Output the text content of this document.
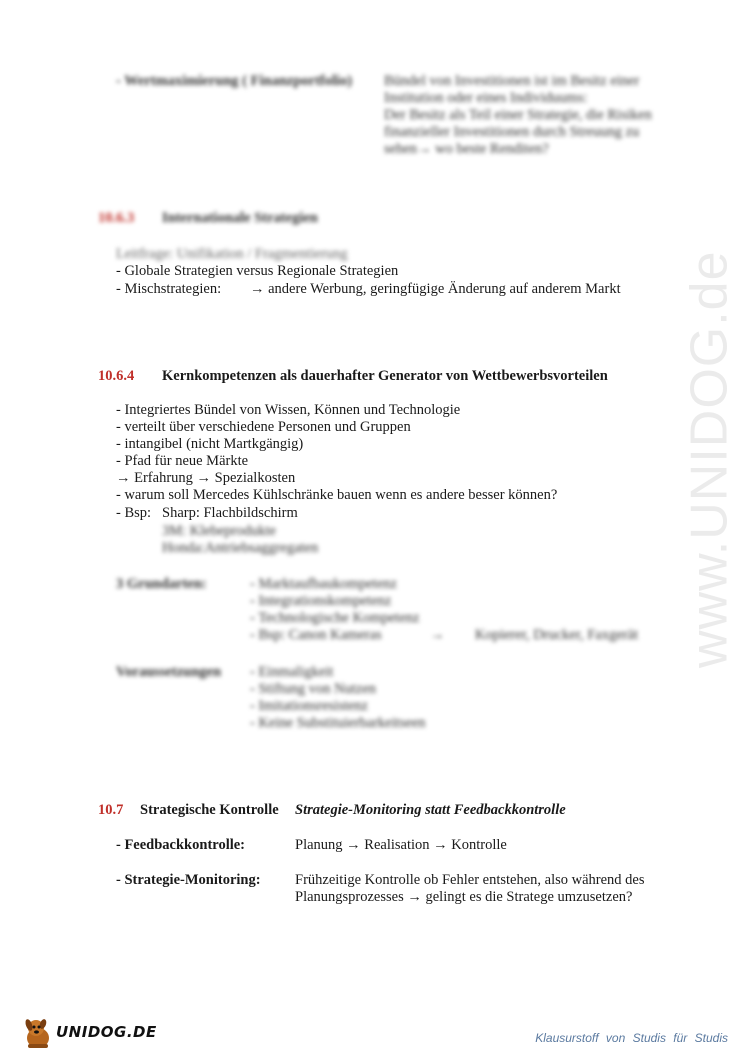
www.UNIDOG.de
- Wertmaximierung ( Finanzportfolio) Bündel von Investitionen ist im Besitz einer
Institution oder eines Individuums:
Der Besitz als Teil einer Strategie, die Risiken
finanzieller Investitionen durch Streuung zu
sehen→ wo beste Renditen?
10.6.3 Internationale Strategien
Leitfrage: Unifikation / Fragmentierung
- Globale Strategien versus Regionale Strategien
- Mischstrategien: → andere Werbung, geringfügige Änderung auf anderem Markt
10.6.4 Kernkompetenzen als dauerhafter Generator von Wettbewerbsvorteilen
- Integriertes Bündel von Wissen, Können und Technologie
- verteilt über verschiedene Personen und Gruppen
- intangibel (nicht Martkgängig)
- Pfad für neue Märkte
→ Erfahrung → Spezialkosten
- warum soll Mercedes Kühlschränke bauen wenn es andere besser können?
- Bsp: Sharp: Flachbildschirm
3M: Klebeprodukte
Honda:Antriebsaggregaten
3 Grundarten:	- Marktaufbaukompetenz
- Integrationskompetenz
- Technologische Kompetenz
- Bsp: Canon Kameras	→ Kopierer, Drucker, Faxgerät
Voraussetzungen - Einmaligkeit
- Stiftung von Nutzen
- Imitationsresistenz
- Keine Substituierbarkeitseen
10.7 Strategische Kontrolle Strategie-Monitoring statt Feedbackkontrolle
- Feedbackkontrolle:	Planung → Realisation → Kontrolle
- Strategie-Monitoring: Frühzeitige Kontrolle ob Fehler entstehen, also während des
Planungsprozesses → gelingt es die Stratege umzusetzen?
UNIDOG.DE	Klausurstoff von Studis für Studis
